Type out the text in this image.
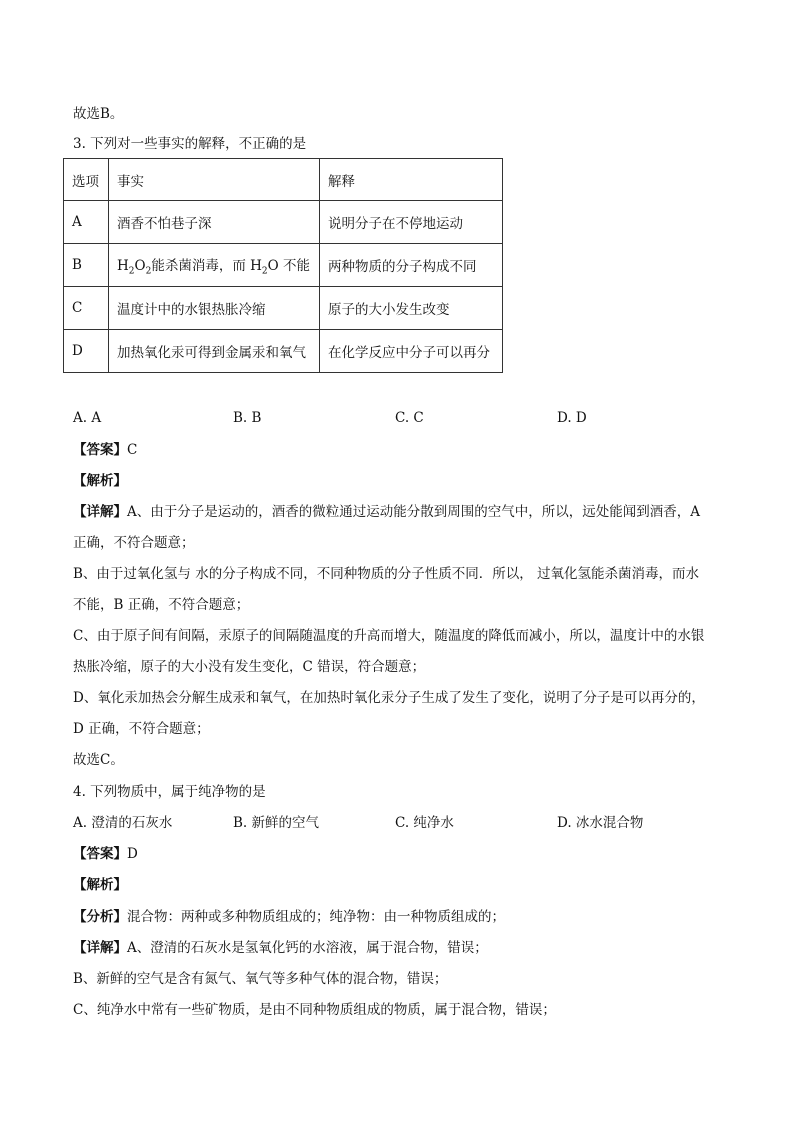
故选B。
3. 下列对一些事实的解释，不正确的是
选项	事实	解释
A	酒香不怕巷子深	说明分子在不停地运动
B	$H_2O_2$能杀菌消毒，而 $H_2O$ 不能	两种物质的分子构成不同
C	温度计中的水银热胀冷缩	原子的大小发生改变
D	加热氧化汞可得到金属汞和氧气	在化学反应中分子可以再分
A. A	B. B	C. C	D. D
【答案】C
【解析】
【详解】A、由于分子是运动的，酒香的微粒通过运动能分散到周围的空气中，所以，远处能闻到酒香，A
正确，不符合题意；
B、由于过氧化氢与 水的分子构成不同，不同种物质的分子性质不同．所以， 过氧化氢能杀菌消毒，而水
不能，B 正确，不符合题意；
C、由于原子间有间隔，汞原子的间隔随温度的升高而增大，随温度的降低而减小，所以，温度计中的水银
热胀冷缩，原子的大小没有发生变化，C 错误，符合题意；
D、氧化汞加热会分解生成汞和氧气，在加热时氧化汞分子生成了发生了变化，说明了分子是可以再分的，
D 正确，不符合题意；
故选C。
4. 下列物质中，属于纯净物的是
A. 澄清的石灰水	B. 新鲜的空气	C. 纯净水	D. 冰水混合物
【答案】D
【解析】
【分析】混合物：两种或多种物质组成的；纯净物：由一种物质组成的；
【详解】A、澄清的石灰水是氢氧化钙的水溶液，属于混合物，错误；
B、新鲜的空气是含有氮气、氧气等多种气体的混合物，错误；
C、纯净水中常有一些矿物质，是由不同种物质组成的物质，属于混合物，错误；
